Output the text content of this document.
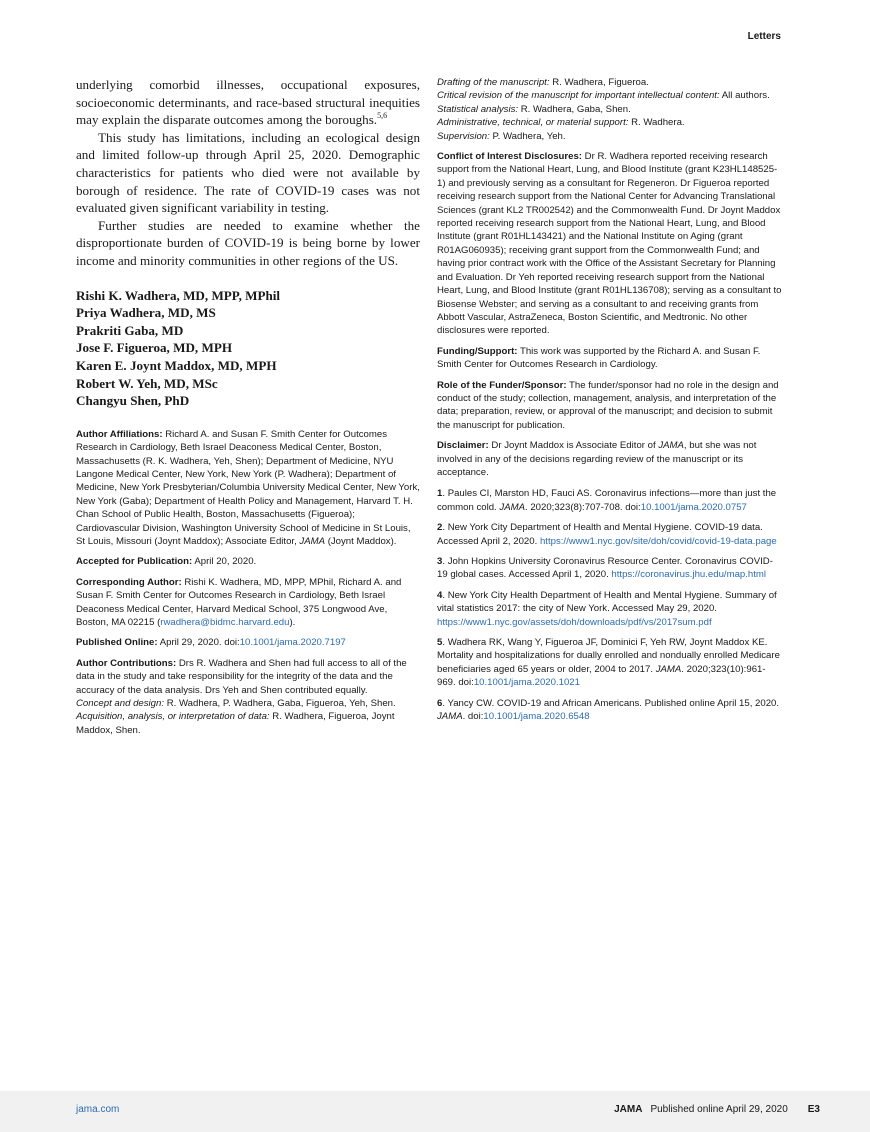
Letters

underlying comorbid illnesses, occupational exposures, socioeconomic determinants, and race-based structural inequities may explain the disparate outcomes among the boroughs.$^{5,6}$

This study has limitations, including an ecological design and limited follow-up through April 25, 2020. Demographic characteristics for patients who died were not available by borough of residence. The rate of COVID-19 cases was not evaluated given significant variability in testing.

Further studies are needed to examine whether the disproportionate burden of COVID-19 is being borne by lower income and minority communities in other regions of the US.

Rishi K. Wadhera, MD, MPP, MPhil
Priya Wadhera, MD, MS
Prakriti Gaba, MD
Jose F. Figueroa, MD, MPH
Karen E. Joynt Maddox, MD, MPH
Robert W. Yeh, MD, MSc
Changyu Shen, PhD

Author Affiliations: Richard A. and Susan F. Smith Center for Outcomes Research in Cardiology, Beth Israel Deaconess Medical Center, Boston, Massachusetts (R. K. Wadhera, Yeh, Shen); Department of Medicine, NYU Langone Medical Center, New York, New York (P. Wadhera); Department of Medicine, New York Presbyterian/Columbia University Medical Center, New York, New York (Gaba); Department of Health Policy and Management, Harvard T. H. Chan School of Public Health, Boston, Massachusetts (Figueroa); Cardiovascular Division, Washington University School of Medicine in St Louis, St Louis, Missouri (Joynt Maddox); Associate Editor, JAMA (Joynt Maddox).

Accepted for Publication: April 20, 2020.

Corresponding Author: Rishi K. Wadhera, MD, MPP, MPhil, Richard A. and Susan F. Smith Center for Outcomes Research in Cardiology, Beth Israel Deaconess Medical Center, Harvard Medical School, 375 Longwood Ave, Boston, MA 02215 (rwadhera@bidmc.harvard.edu).

Published Online: April 29, 2020. doi:10.1001/jama.2020.7197

Author Contributions: Drs R. Wadhera and Shen had full access to all of the data in the study and take responsibility for the integrity of the data and the accuracy of the data analysis. Drs Yeh and Shen contributed equally.
Concept and design: R. Wadhera, P. Wadhera, Gaba, Figueroa, Yeh, Shen.
Acquisition, analysis, or interpretation of data: R. Wadhera, Figueroa, Joynt Maddox, Shen.

Drafting of the manuscript: R. Wadhera, Figueroa.
Critical revision of the manuscript for important intellectual content: All authors.
Statistical analysis: R. Wadhera, Gaba, Shen.
Administrative, technical, or material support: R. Wadhera.
Supervision: P. Wadhera, Yeh.

Conflict of Interest Disclosures: Dr R. Wadhera reported receiving research support from the National Heart, Lung, and Blood Institute (grant K23HL148525-1) and previously serving as a consultant for Regeneron. Dr Figueroa reported receiving research support from the National Center for Advancing Translational Sciences (grant KL2 TR002542) and the Commonwealth Fund. Dr Joynt Maddox reported receiving research support from the National Heart, Lung, and Blood Institute (grant R01HL143421) and the National Institute on Aging (grant R01AG060935); receiving grant support from the Commonwealth Fund; and having prior contract work with the Office of the Assistant Secretary for Planning and Evaluation. Dr Yeh reported receiving research support from the National Heart, Lung, and Blood Institute (grant R01HL136708); serving as a consultant to Biosense Webster; and serving as a consultant to and receiving grants from Abbott Vascular, AstraZeneca, Boston Scientific, and Medtronic. No other disclosures were reported.

Funding/Support: This work was supported by the Richard A. and Susan F. Smith Center for Outcomes Research in Cardiology.

Role of the Funder/Sponsor: The funder/sponsor had no role in the design and conduct of the study; collection, management, analysis, and interpretation of the data; preparation, review, or approval of the manuscript; and decision to submit the manuscript for publication.

Disclaimer: Dr Joynt Maddox is Associate Editor of JAMA, but she was not involved in any of the decisions regarding review of the manuscript or its acceptance.

1. Paules CI, Marston HD, Fauci AS. Coronavirus infections—more than just the common cold. JAMA. 2020;323(8):707-708. doi:10.1001/jama.2020.0757
2. New York City Department of Health and Mental Hygiene. COVID-19 data. Accessed April 2, 2020. https://www1.nyc.gov/site/doh/covid/covid-19-data.page
3. John Hopkins University Coronavirus Resource Center. Coronavirus COVID-19 global cases. Accessed April 1, 2020. https://coronavirus.jhu.edu/map.html
4. New York City Health Department of Health and Mental Hygiene. Summary of vital statistics 2017: the city of New York. Accessed May 29, 2020. https://www1.nyc.gov/assets/doh/downloads/pdf/vs/2017sum.pdf
5. Wadhera RK, Wang Y, Figueroa JF, Dominici F, Yeh RW, Joynt Maddox KE. Mortality and hospitalizations for dually enrolled and nondually enrolled Medicare beneficiaries aged 65 years or older, 2004 to 2017. JAMA. 2020;323(10):961-969. doi:10.1001/jama.2020.1021
6. Yancy CW. COVID-19 and African Americans. Published online April 15, 2020. JAMA. doi:10.1001/jama.2020.6548
jama.com	JAMA Published online April 29, 2020 E3
